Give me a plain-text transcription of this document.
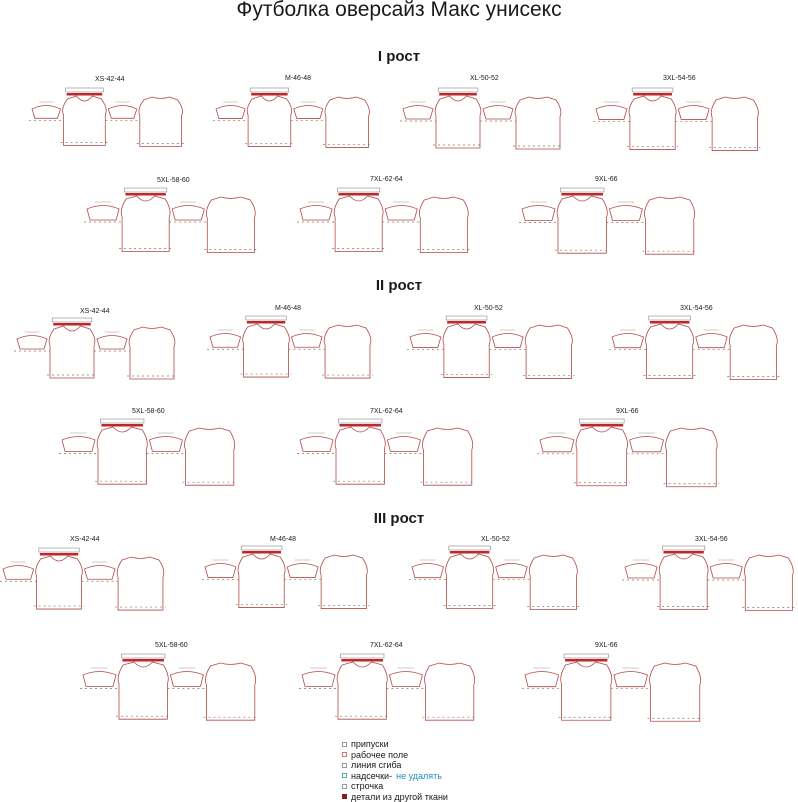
Футболка оверсайз Макс унисекс
I рост
II рост
III рост
XS-42-44	M-46-48	XL-50-52	3XL-54-56
5XL-58-60	7XL-62-64	9XL-66
XS-42-44	M-46-48	XL-50-52	3XL-54-56
5XL-58-60	7XL-62-64	9XL-66
XS-42-44	M-46-48	XL-50-52	3XL-54-56
5XL-58-60	7XL-62-64	9XL-66
припуски
рабочее поле
линия сгиба
надсечки- не удалять
строчка
детали из другой ткани
